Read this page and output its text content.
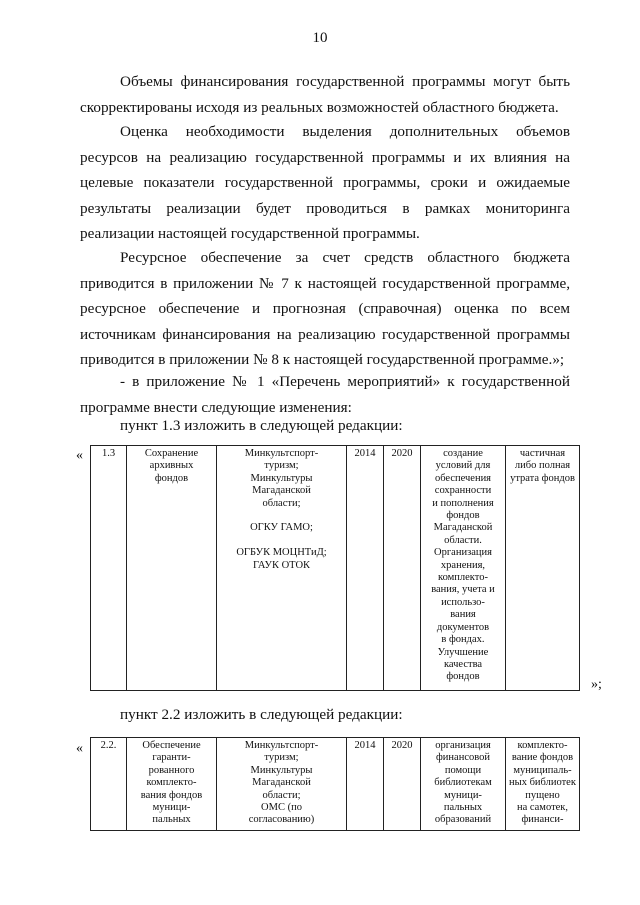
10

Объемы финансирования государственной программы могут быть скорректированы исходя из реальных возможностей областного бюджета.

Оценка необходимости выделения дополнительных объемов ресурсов на реализацию государственной программы и их влияния на целевые показатели государственной программы, сроки и ожидаемые результаты реализации будет проводиться в рамках мониторинга реализации настоящей государственной программы.

Ресурсное обеспечение за счет средств областного бюджета приводится в приложении № 7 к настоящей государственной программе, ресурсное обеспечение и прогнозная (справочная) оценка по всем источникам финансирования на реализацию государственной программы приводится в приложении № 8 к настоящей государственной программе.»;

- в приложение № 1 «Перечень мероприятий» к государственной программе внести следующие изменения:

пункт 1.3 изложить в следующей редакции:
« 1.3	Сохранение
архивных
фондов	Минкультспорт-
туризм;
Минкультуры
Магаданской
области;

ОГКУ ГАМО;

ОГБУК МОЦНТиД;
ГАУК ОТОК	2014	2020	создание
условий для
обеспечения
сохранности
и пополнения
фондов
Магаданской
области.
Организация
хранения,
комплекто-
вания, учета и
использо-
вания
документов
в фондах.
Улучшение
качества
фондов	частичная
либо полная
утрата фондов
»;
пункт 2.2 изложить в следующей редакции:
« 2.2.	Обеспечение
гаранти-
рованного
комплекто-
вания фондов
муници-
пальных	Минкультспорт-
туризм;
Минкультуры
Магаданской
области;
ОМС (по
согласованию)	2014	2020	организация
финансовой
помощи
библиотекам
муници-
пальных
образований	комплекто-
вание фондов
муниципаль-
ных библиотек
пущено
на самотек,
финанси-
